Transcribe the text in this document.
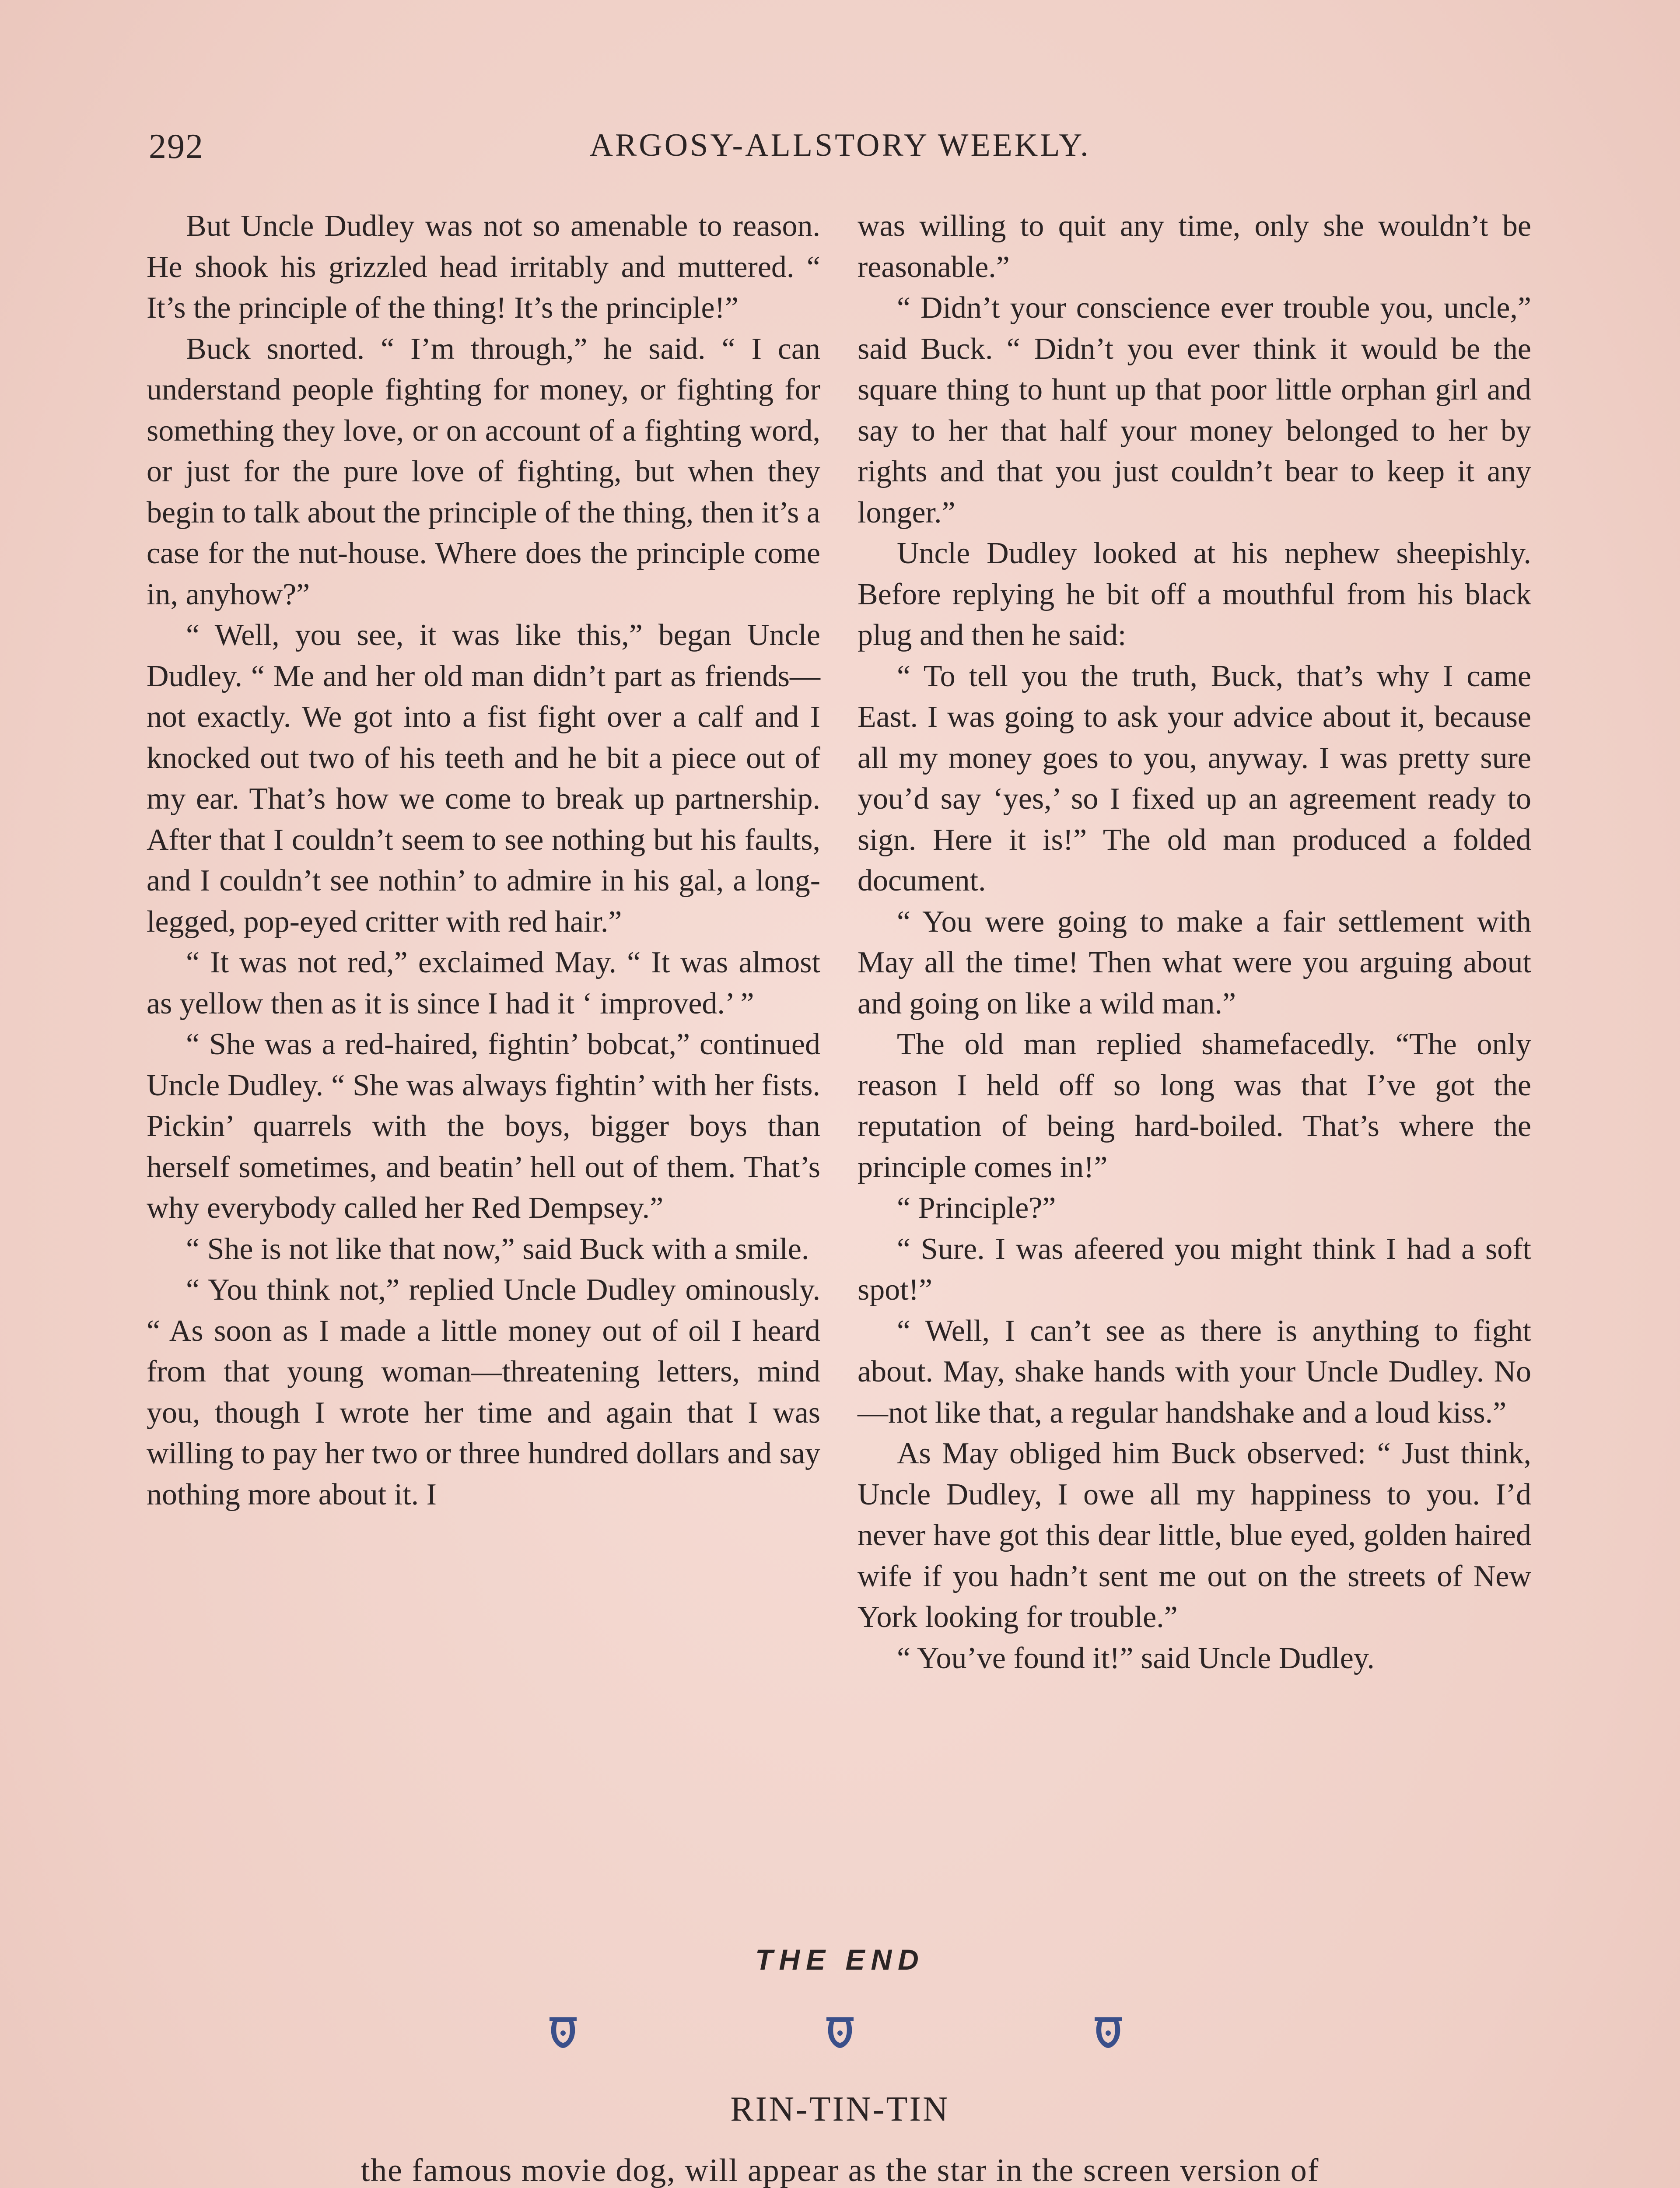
292	ARGOSY-ALLSTORY WEEKLY.

But Uncle Dudley was not so amenable to reason. He shook his grizzled head irritably and muttered. “ It’s the principle of the thing! It’s the principle!”

Buck snorted. “ I’m through,” he said. “ I can understand people fighting for money, or fighting for something they love, or on account of a fighting word, or just for the pure love of fighting, but when they begin to talk about the principle of the thing, then it’s a case for the nut-house. Where does the principle come in, anyhow?”

“ Well, you see, it was like this,” began Uncle Dudley. “ Me and her old man didn’t part as friends—not exactly. We got into a fist fight over a calf and I knocked out two of his teeth and he bit a piece out of my ear. That’s how we come to break up partnership. After that I couldn’t seem to see nothing but his faults, and I couldn’t see nothin’ to admire in his gal, a long-legged, pop-eyed critter with red hair.”

“ It was not red,” exclaimed May. “ It was almost as yellow then as it is since I had it ‘ improved.’ ”

“ She was a red-haired, fightin’ bobcat,” continued Uncle Dudley. “ She was always fightin’ with her fists. Pickin’ quarrels with the boys, bigger boys than herself sometimes, and beatin’ hell out of them. That’s why everybody called her Red Dempsey.”

“ She is not like that now,” said Buck with a smile.

“ You think not,” replied Uncle Dudley ominously. “ As soon as I made a little money out of oil I heard from that young woman—threatening letters, mind you, though I wrote her time and again that I was willing to pay her two or three hundred dollars and say nothing more about it. I

was willing to quit any time, only she wouldn’t be reasonable.”

“ Didn’t your conscience ever trouble you, uncle,” said Buck. “ Didn’t you ever think it would be the square thing to hunt up that poor little orphan girl and say to her that half your money belonged to her by rights and that you just couldn’t bear to keep it any longer.”

Uncle Dudley looked at his nephew sheepishly. Before replying he bit off a mouthful from his black plug and then he said:

“ To tell you the truth, Buck, that’s why I came East. I was going to ask your advice about it, because all my money goes to you, anyway. I was pretty sure you’d say ‘yes,’ so I fixed up an agreement ready to sign. Here it is!” The old man produced a folded document.

“ You were going to make a fair settlement with May all the time! Then what were you arguing about and going on like a wild man.”

The old man replied shamefacedly. “The only reason I held off so long was that I’ve got the reputation of being hard-boiled. That’s where the principle comes in!”

“ Principle?”

“ Sure. I was afeered you might think I had a soft spot!”

“ Well, I can’t see as there is anything to fight about. May, shake hands with your Uncle Dudley. No—not like that, a regular handshake and a loud kiss.”

As May obliged him Buck observed: “ Just think, Uncle Dudley, I owe all my happiness to you. I’d never have got this dear little, blue eyed, golden haired wife if you hadn’t sent me out on the streets of New York looking for trouble.”

“ You’ve found it!” said Uncle Dudley.

THE END
RIN-TIN-TIN
the famous movie dog, will appear as the star in the screen version of
